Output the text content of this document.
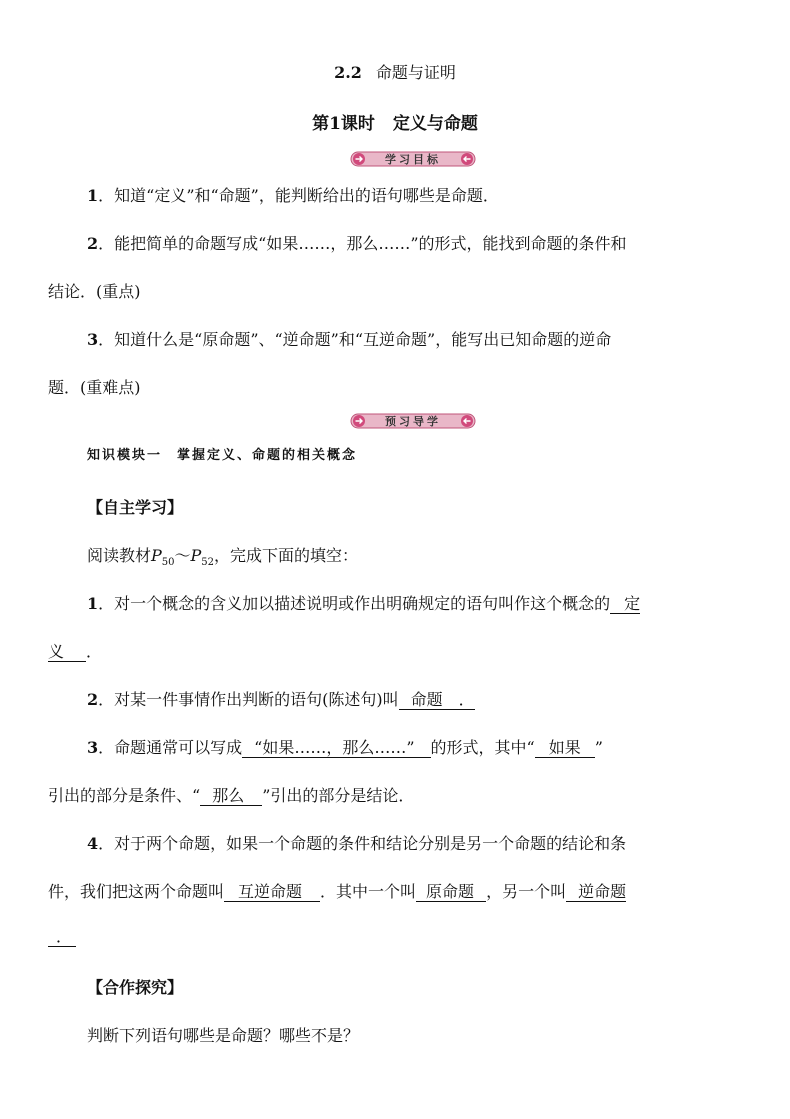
2.2 命题与证明
第1课时 定义与命题
学习目标
1．知道“定义”和“命题”，能判断给出的语句哪些是命题．
2．能把简单的命题写成“如果……，那么……”的形式，能找到命题的条件和
结论．(重点)
3．知道什么是“原命题”、“逆命题”和“互逆命题”，能写出已知命题的逆命
题．(重难点)
预习导学
知识模块一　掌握定义、命题的相关概念
【自主学习】
阅读教材$P_{50}\sim P_{52}$，完成下面的填空：
1．对一个概念的含义加以描述说明或作出明确规定的语句叫作这个概念的 定
义 ．
2．对某一件事情作出判断的语句(陈述句)叫 命题 ．
3．命题通常可以写成 “如果……，那么……” 的形式，其中“ 如果 ”
引出的部分是条件、“ 那么 ”引出的部分是结论．
4．对于两个命题，如果一个命题的条件和结论分别是另一个命题的结论和条
件，我们把这两个命题叫 互逆命题 ．其中一个叫 原命题 ，另一个叫 逆命题
．
【合作探究】
判断下列语句哪些是命题？哪些不是？
